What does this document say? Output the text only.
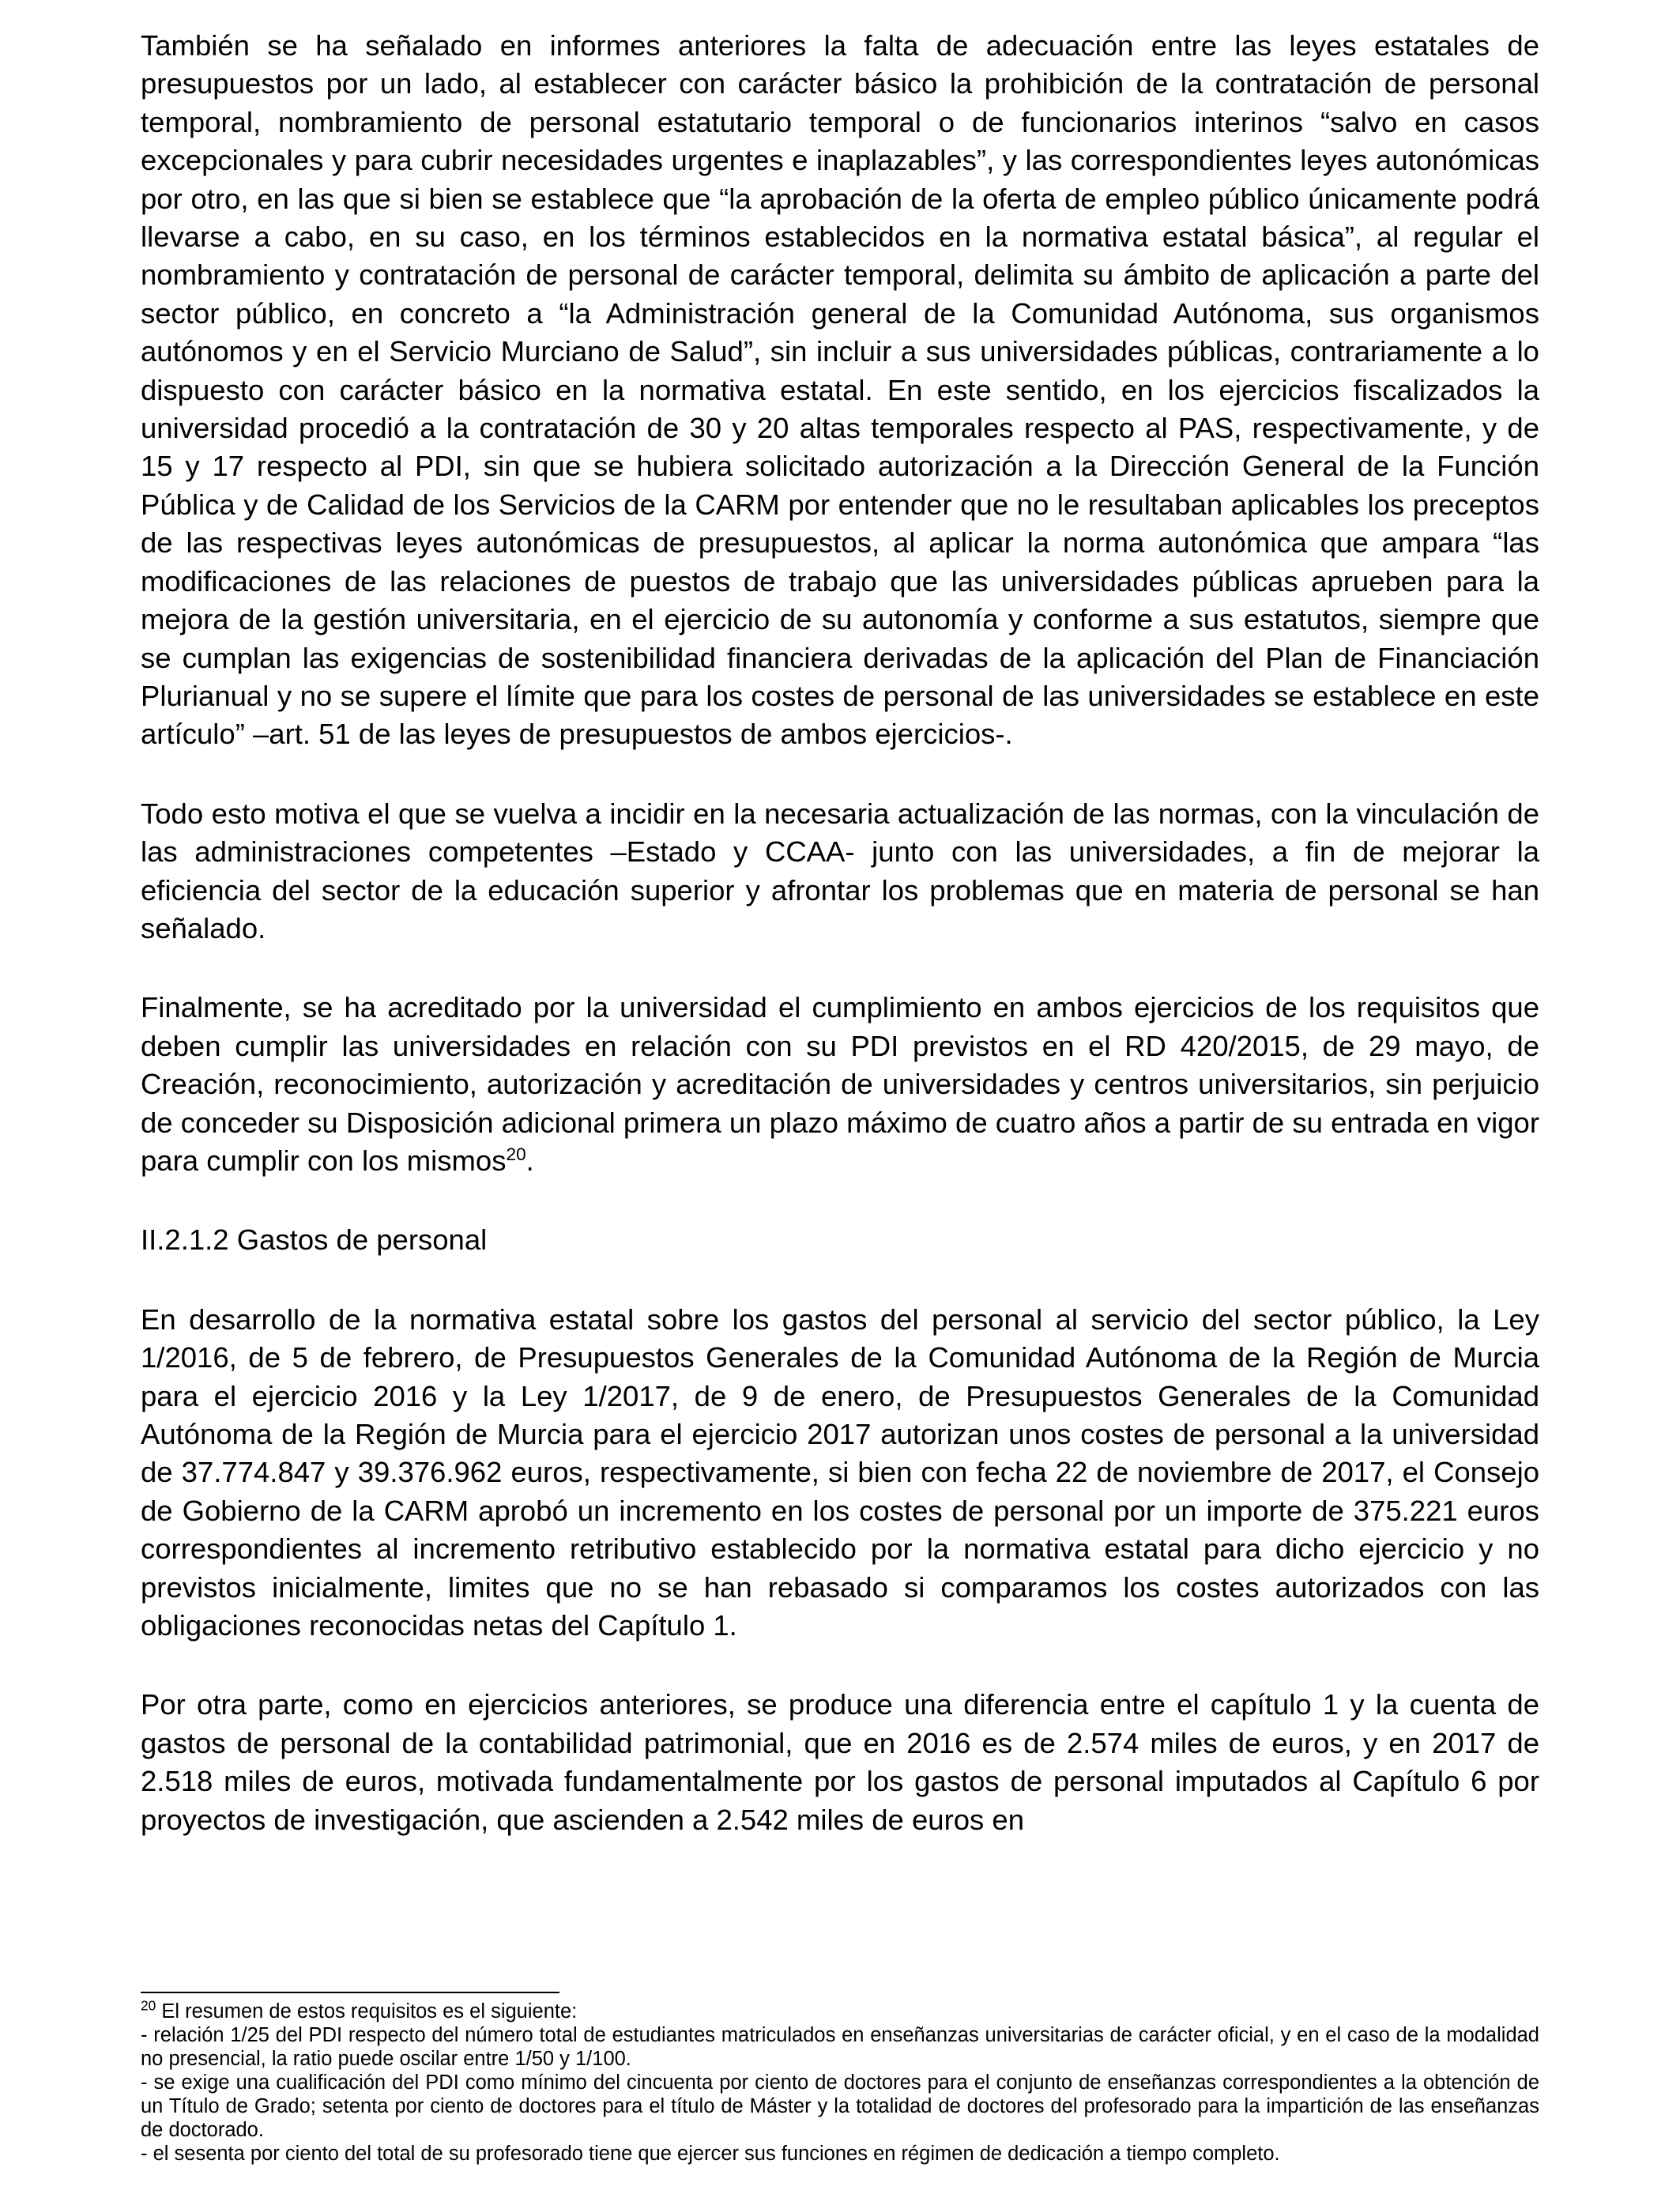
También se ha señalado en informes anteriores la falta de adecuación entre las leyes estatales de presupuestos por un lado, al establecer con carácter básico la prohibición de la contratación de personal temporal, nombramiento de personal estatutario temporal o de funcionarios interinos “salvo en casos excepcionales y para cubrir necesidades urgentes e inaplazables”, y las correspondientes leyes autonómicas por otro, en las que si bien se establece que “la aprobación de la oferta de empleo público únicamente podrá llevarse a cabo, en su caso, en los términos establecidos en la normativa estatal básica”, al regular el nombramiento y contratación de personal de carácter temporal, delimita su ámbito de aplicación a parte del sector público, en concreto a “la Administración general de la Comunidad Autónoma, sus organismos autónomos y en el Servicio Murciano de Salud”, sin incluir a sus universidades públicas, contrariamente a lo dispuesto con carácter básico en la normativa estatal. En este sentido, en los ejercicios fiscalizados la universidad procedió a la contratación de 30 y 20 altas temporales respecto al PAS, respectivamente, y de 15 y 17 respecto al PDI, sin que se hubiera solicitado autorización a la Dirección General de la Función Pública y de Calidad de los Servicios de la CARM por entender que no le resultaban aplicables los preceptos de las respectivas leyes autonómicas de presupuestos, al aplicar la norma autonómica que ampara “las modificaciones de las relaciones de puestos de trabajo que las universidades públicas aprueben para la mejora de la gestión universitaria, en el ejercicio de su autonomía y conforme a sus estatutos, siempre que se cumplan las exigencias de sostenibilidad financiera derivadas de la aplicación del Plan de Financiación Plurianual y no se supere el límite que para los costes de personal de las universidades se establece en este artículo” –art. 51 de las leyes de presupuestos de ambos ejercicios-.

Todo esto motiva el que se vuelva a incidir en la necesaria actualización de las normas, con la vinculación de las administraciones competentes –Estado y CCAA- junto con las universidades, a fin de mejorar la eficiencia del sector de la educación superior y afrontar los problemas que en materia de personal se han señalado.

Finalmente, se ha acreditado por la universidad el cumplimiento en ambos ejercicios de los requisitos que deben cumplir las universidades en relación con su PDI previstos en el RD 420/2015, de 29 mayo, de Creación, reconocimiento, autorización y acreditación de universidades y centros universitarios, sin perjuicio de conceder su Disposición adicional primera un plazo máximo de cuatro años a partir de su entrada en vigor para cumplir con los mismos$^{20}$.

II.2.1.2 Gastos de personal

En desarrollo de la normativa estatal sobre los gastos del personal al servicio del sector público, la Ley 1/2016, de 5 de febrero, de Presupuestos Generales de la Comunidad Autónoma de la Región de Murcia para el ejercicio 2016 y la Ley 1/2017, de 9 de enero, de Presupuestos Generales de la Comunidad Autónoma de la Región de Murcia para el ejercicio 2017 autorizan unos costes de personal a la universidad de 37.774.847 y 39.376.962 euros, respectivamente, si bien con fecha 22 de noviembre de 2017, el Consejo de Gobierno de la CARM aprobó un incremento en los costes de personal por un importe de 375.221 euros correspondientes al incremento retributivo establecido por la normativa estatal para dicho ejercicio y no previstos inicialmente, limites que no se han rebasado si comparamos los costes autorizados con las obligaciones reconocidas netas del Capítulo 1.

Por otra parte, como en ejercicios anteriores, se produce una diferencia entre el capítulo 1 y la cuenta de gastos de personal de la contabilidad patrimonial, que en 2016 es de 2.574 miles de euros, y en 2017 de 2.518 miles de euros, motivada fundamentalmente por los gastos de personal imputados al Capítulo 6 por proyectos de investigación, que ascienden a 2.542 miles de euros en

$^{20}$ El resumen de estos requisitos es el siguiente:

- relación 1/25 del PDI respecto del número total de estudiantes matriculados en enseñanzas universitarias de carácter oficial, y en el caso de la modalidad no presencial, la ratio puede oscilar entre 1/50 y 1/100.

- se exige una cualificación del PDI como mínimo del cincuenta por ciento de doctores para el conjunto de enseñanzas correspondientes a la obtención de un Título de Grado; setenta por ciento de doctores para el título de Máster y la totalidad de doctores del profesorado para la impartición de las enseñanzas de doctorado.

- el sesenta por ciento del total de su profesorado tiene que ejercer sus funciones en régimen de dedicación a tiempo completo.
